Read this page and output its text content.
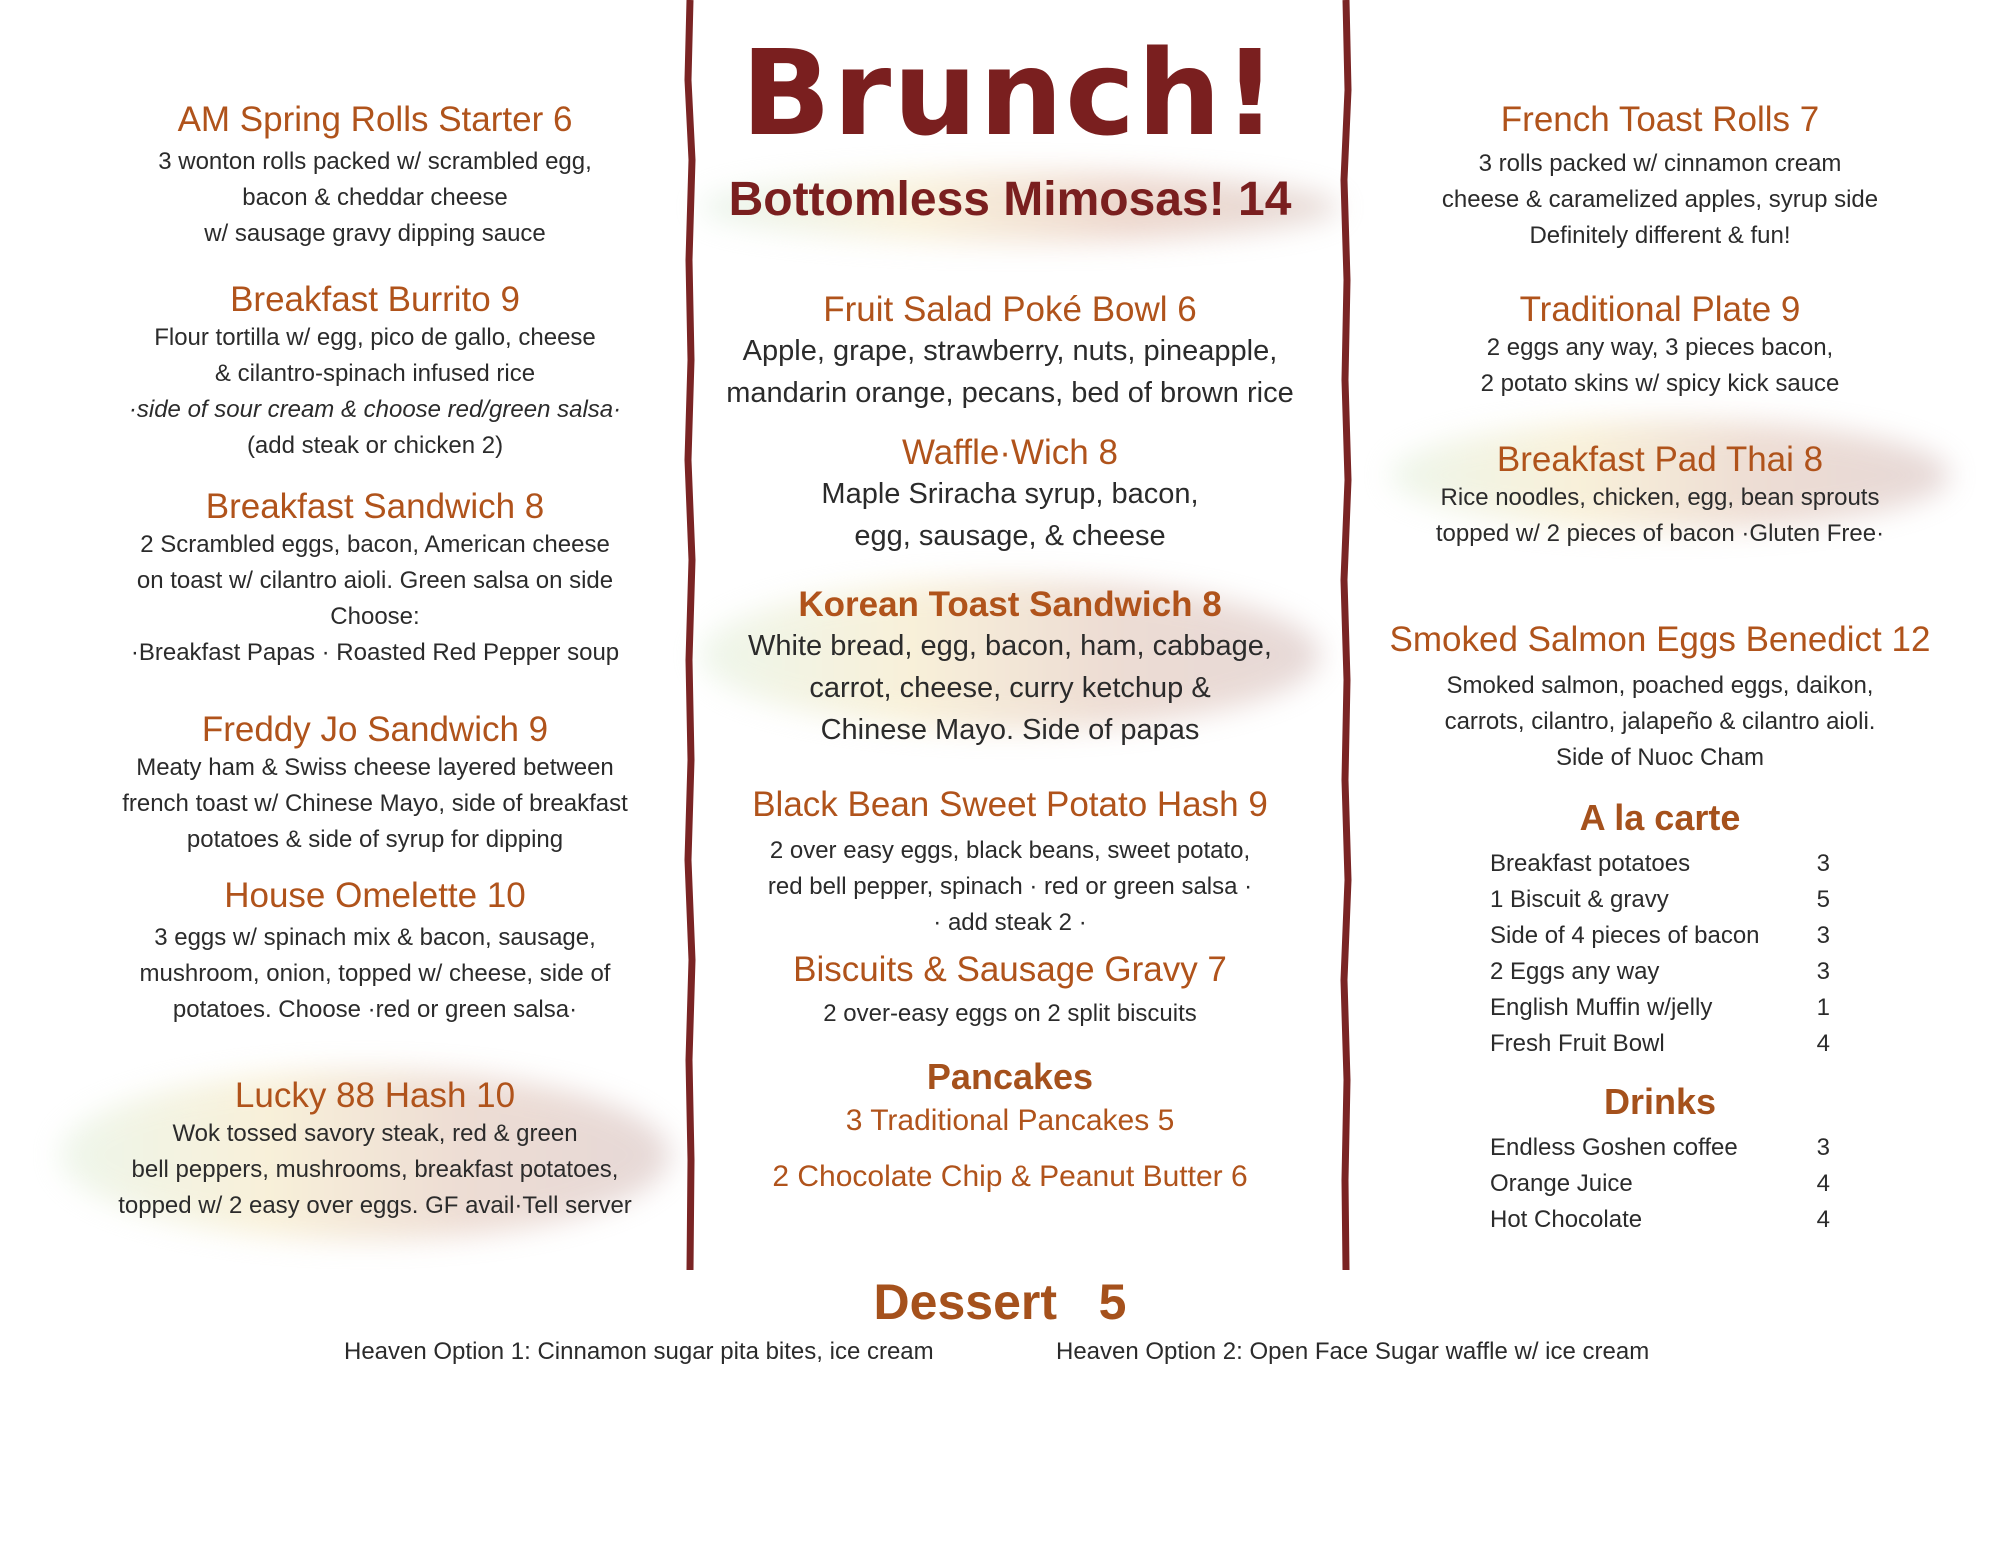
Brunch!
Bottomless Mimosas! 14
AM Spring Rolls Starter 6
3 wonton rolls packed w/ scrambled egg,
bacon & cheddar cheese
w/ sausage gravy dipping sauce
Breakfast Burrito 9
Flour tortilla w/ egg, pico de gallo, cheese
& cilantro-spinach infused rice
·side of sour cream & choose red/green salsa·
(add steak or chicken 2)
Breakfast Sandwich 8
2 Scrambled eggs, bacon, American cheese
on toast w/ cilantro aioli. Green salsa on side
Choose:
·Breakfast Papas · Roasted Red Pepper soup
Freddy Jo Sandwich 9
Meaty ham & Swiss cheese layered between
french toast w/ Chinese Mayo, side of breakfast
potatoes & side of syrup for dipping
House Omelette 10
3 eggs w/ spinach mix & bacon, sausage,
mushroom, onion, topped w/ cheese, side of
potatoes. Choose ·red or green salsa·
Lucky 88 Hash 10
Wok tossed savory steak, red & green
bell peppers, mushrooms, breakfast potatoes,
topped w/ 2 easy over eggs. GF avail·Tell server
Fruit Salad Poké Bowl 6
Apple, grape, strawberry, nuts, pineapple,
mandarin orange, pecans, bed of brown rice
Waffle·Wich 8
Maple Sriracha syrup, bacon,
egg, sausage, & cheese
Korean Toast Sandwich 8
White bread, egg, bacon, ham, cabbage,
carrot, cheese, curry ketchup &
Chinese Mayo. Side of papas
Black Bean Sweet Potato Hash 9
2 over easy eggs, black beans, sweet potato,
red bell pepper, spinach · red or green salsa ·
· add steak 2 ·
Biscuits & Sausage Gravy 7
2 over-easy eggs on 2 split biscuits
Pancakes
3 Traditional Pancakes 5
2 Chocolate Chip & Peanut Butter 6
French Toast Rolls 7
3 rolls packed w/ cinnamon cream
cheese & caramelized apples, syrup side
Definitely different & fun!
Traditional Plate 9
2 eggs any way, 3 pieces bacon,
2 potato skins w/ spicy kick sauce
Breakfast Pad Thai 8
Rice noodles, chicken, egg, bean sprouts
topped w/ 2 pieces of bacon ·Gluten Free·
Smoked Salmon Eggs Benedict 12
Smoked salmon, poached eggs, daikon,
carrots, cilantro, jalapeño & cilantro aioli.
Side of Nuoc Cham
A la carte
Breakfast potatoes	3
1 Biscuit & gravy	5
Side of 4 pieces of bacon	3
2 Eggs any way	3
English Muffin w/jelly	1
Fresh Fruit Bowl	4
Drinks
Endless Goshen coffee	3
Orange Juice	4
Hot Chocolate	4
Dessert   5
Heaven Option 1: Cinnamon sugar pita bites, ice cream	Heaven Option 2: Open Face Sugar waffle w/ ice cream
